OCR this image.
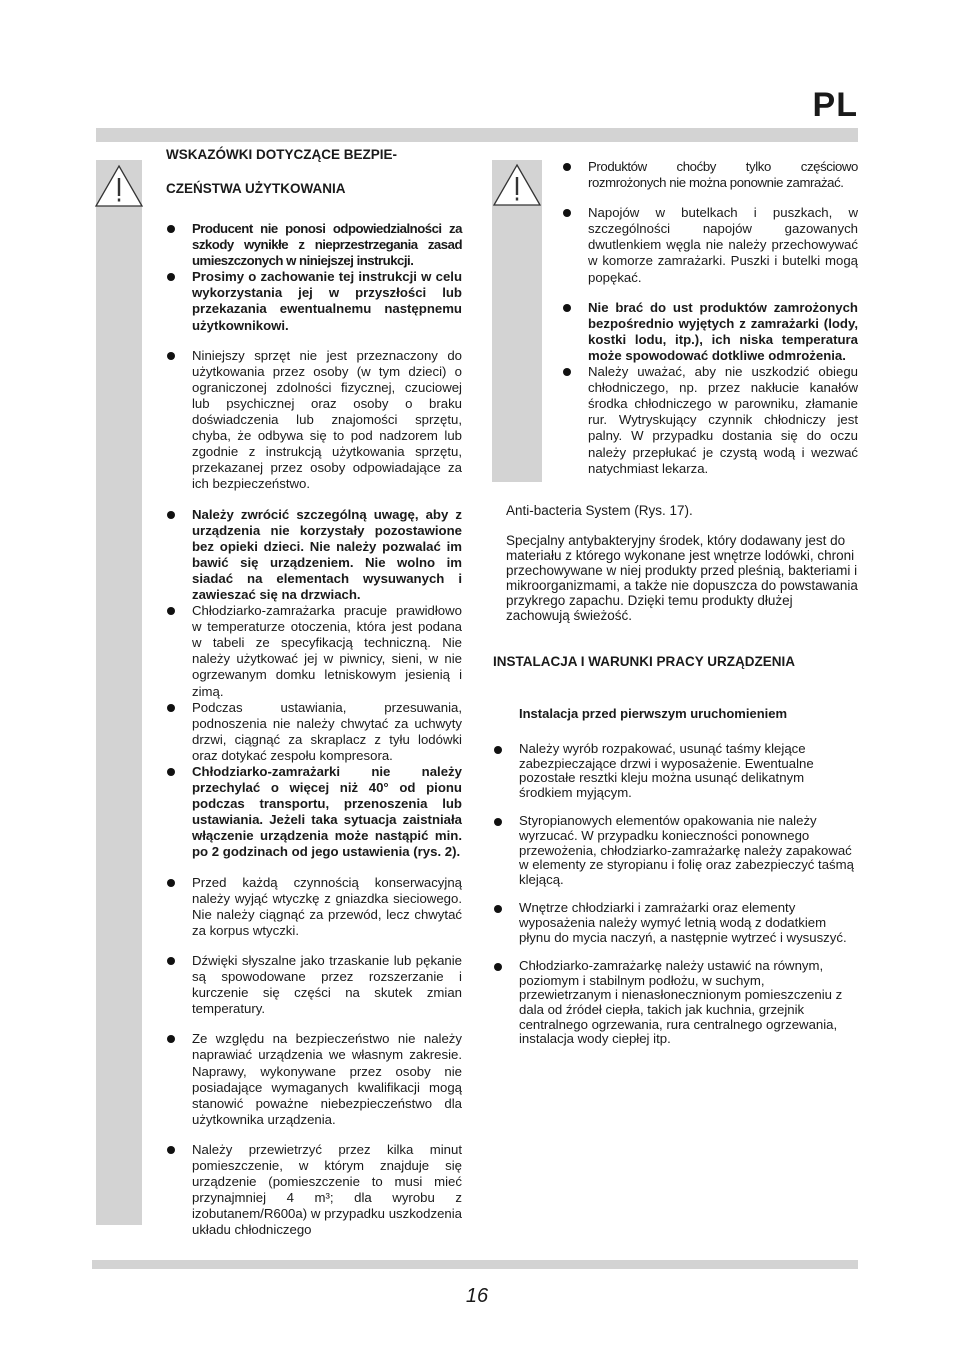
PL
WSKAZÓWKI DOTYCZĄCE BEZPIE-
CZEŃSTWA UŻYTKOWANIA
Producent nie ponosi odpowiedzialności za szkody wynikłe z nieprzestrzegania zasad umieszczonych w niniejszej instrukcji.
Prosimy o zachowanie tej instrukcji w celu wykorzystania jej w przyszłości lub przekazania ewentualnemu następnemu użytkownikowi.
Niniejszy sprzęt nie jest przeznaczony do użytkowania przez osoby (w tym dzieci) o ograniczonej zdolności fizycznej, czuciowej lub psychicznej oraz osoby o braku doświadczenia lub znajomości sprzętu, chyba, że odbywa się to pod nadzorem lub zgodnie z instrukcją użytkowania sprzętu, przekazanej przez osoby odpowiadające za ich bezpieczeństwo.
Należy zwrócić szczególną uwagę, aby z urządzenia nie korzystały pozostawione bez opieki dzieci. Nie należy pozwalać im bawić się urządzeniem. Nie wolno im siadać na elementach wysuwanych i zawieszać się na drzwiach.
Chłodziarko-zamrażarka pracuje prawidłowo w temperaturze otoczenia, która jest podana w tabeli ze specyfikacją techniczną. Nie należy użytkować jej w piwnicy, sieni, w nie ogrzewanym domku letniskowym jesienią i zimą.
Podczas ustawiania, przesuwania, podnoszenia nie należy chwytać za uchwyty drzwi, ciągnąć za skraplacz z tyłu lodówki oraz dotykać zespołu kompresora.
Chłodziarko-zamrażarki nie należy przechylać o więcej niż 40° od pionu podczas transportu, przenoszenia lub ustawiania. Jeżeli taka sytuacja zaistniała włączenie urządzenia może nastąpić min. po 2 godzinach od jego ustawienia (rys. 2).
Przed każdą czynnością konserwacyjną należy wyjąć wtyczkę z gniazdka sieciowego. Nie należy ciągnąć za przewód, lecz chwytać za korpus wtyczki.
Dźwięki słyszalne jako trzaskanie lub pękanie są spowodowane przez rozszerzanie i kurczenie się części na skutek zmian temperatury.
Ze względu na bezpieczeństwo nie należy naprawiać urządzenia we własnym zakresie. Naprawy, wykonywane przez osoby nie posiadające wymaganych kwalifikacji mogą stanowić poważne niebezpieczeństwo dla użytkownika urządzenia.
Należy przewietrzyć przez kilka minut pomieszczenie, w którym znajduje się urządzenie (pomieszczenie to musi mieć przynajmniej 4 m³; dla wyrobu z izobutanem/R600a) w przypadku uszkodzenia układu chłodniczego
Produktów choćby tylko częściowo rozmrożonych nie można ponownie zamrażać.
Napojów w butelkach i puszkach, w szczególności napojów gazowanych dwutlenkiem węgla nie należy przechowywać w komorze zamrażarki. Puszki i butelki mogą popękać.
Nie brać do ust produktów zamrożonych bezpośrednio wyjętych z zamrażarki (lody, kostki lodu, itp.), ich niska temperatura może spowodować dotkliwe odmrożenia.
Należy uważać, aby nie uszkodzić obiegu chłodniczego, np. przez nakłucie kanałów środka chłodniczego w parowniku, złamanie rur. Wytryskujący czynnik chłodniczy jest palny. W przypadku dostania się do oczu należy przepłukać je czystą wodą i wezwać natychmiast lekarza.
Anti-bacteria System (Rys. 17).
Specjalny antybakteryjny środek, który dodawany jest do materiału z którego wykonane jest wnętrze lodówki, chroni przechowywane w niej produkty przed pleśnią, bakteriami i mikroorganizmami, a także nie dopuszcza do powstawania przykrego zapachu. Dzięki temu produkty dłużej zachowują świeżość.
INSTALACJA I WARUNKI PRACY URZĄDZENIA
Instalacja przed pierwszym uruchomieniem
Należy wyrób rozpakować, usunąć taśmy klejące zabezpieczające drzwi i wyposażenie. Ewentualne pozostałe resztki kleju można usunąć delikatnym środkiem myjącym.
Styropianowych elementów opakowania nie należy wyrzucać. W przypadku konieczności ponownego przewożenia, chłodziarko-zamrażarkę należy zapakować w elementy ze styropianu i folię oraz zabezpieczyć taśmą klejącą.
Wnętrze chłodziarki i zamrażarki oraz elementy wyposażenia należy wymyć letnią wodą z dodatkiem płynu do mycia naczyń, a następnie wytrzeć i wysuszyć.
Chłodziarko-zamrażarkę należy ustawić na równym, poziomym i stabilnym podłożu, w suchym, przewietrzanym i nienasłonecznionym pomieszczeniu z dala od źródeł ciepła, takich jak kuchnia, grzejnik centralnego ogrzewania, rura centralnego ogrzewania, instalacja wody ciepłej itp.
16
